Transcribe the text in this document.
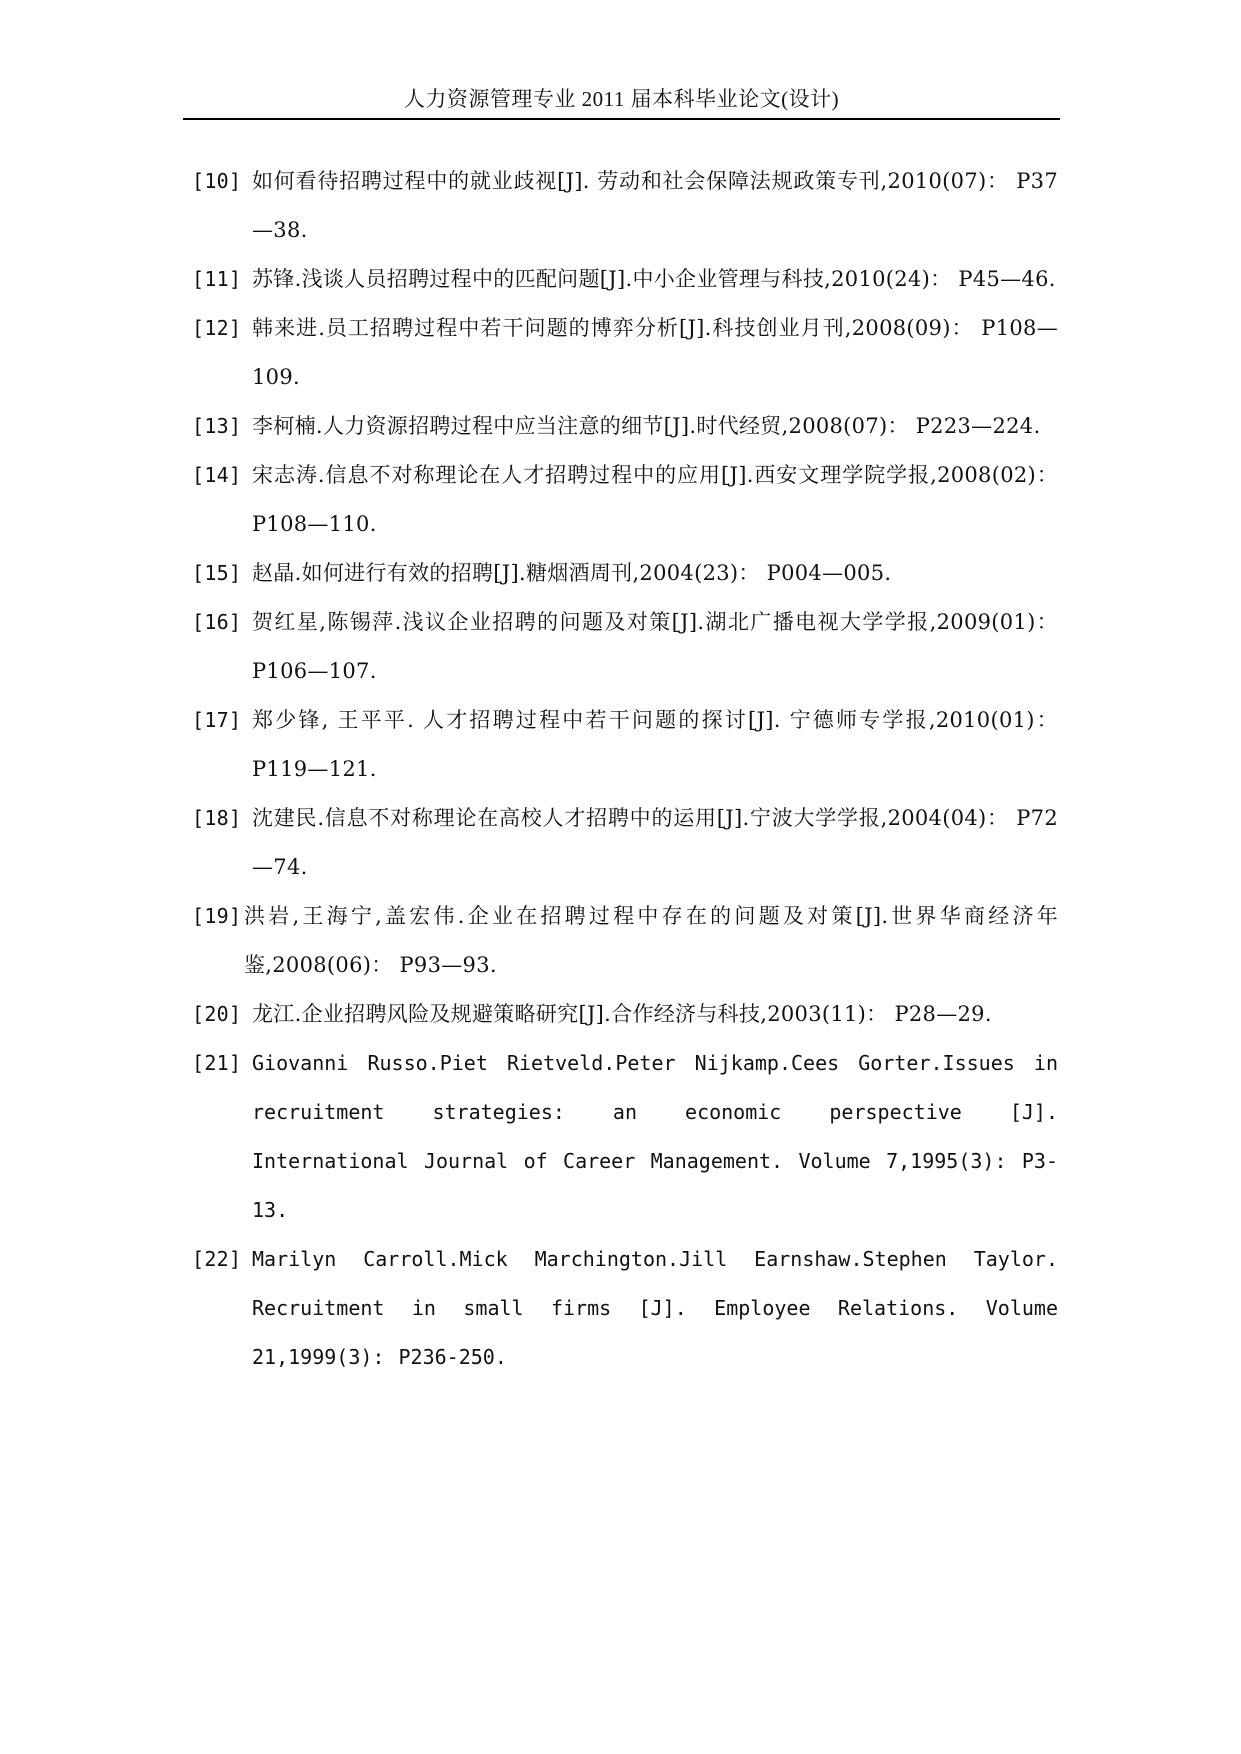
人力资源管理专业 2011 届本科毕业论文(设计)
[10] 如何看待招聘过程中的就业歧视[J]. 劳动和社会保障法规政策专刊,2010(07)： P37—38.
[11] 苏锋.浅谈人员招聘过程中的匹配问题[J].中小企业管理与科技,2010(24)： P45—46.
[12] 韩来进.员工招聘过程中若干问题的博弈分析[J].科技创业月刊,2008(09)： P108—109.
[13] 李柯楠.人力资源招聘过程中应当注意的细节[J].时代经贸,2008(07)： P223—224.
[14] 宋志涛.信息不对称理论在人才招聘过程中的应用[J].西安文理学院学报,2008(02)： P108—110.
[15] 赵晶.如何进行有效的招聘[J].糖烟酒周刊,2004(23)： P004—005.
[16] 贺红星,陈锡萍.浅议企业招聘的问题及对策[J].湖北广播电视大学学报,2009(01)： P106—107.
[17] 郑少锋, 王平平. 人才招聘过程中若干问题的探讨[J]. 宁德师专学报,2010(01)： P119—121.
[18] 沈建民.信息不对称理论在高校人才招聘中的运用[J].宁波大学学报,2004(04)： P72—74.
[19] 洪岩,王海宁,盖宏伟.企业在招聘过程中存在的问题及对策[J].世界华商经济年鉴,2008(06)： P93—93.
[20] 龙江.企业招聘风险及规避策略研究[J].合作经济与科技,2003(11)： P28—29.
[21] Giovanni Russo.Piet Rietveld.Peter Nijkamp.Cees Gorter.Issues in recruitment strategies: an economic perspective [J]. International Journal of Career Management. Volume 7,1995(3): P3-13.
[22] Marilyn Carroll.Mick Marchington.Jill Earnshaw.Stephen Taylor. Recruitment in small firms [J]. Employee Relations. Volume 21,1999(3): P236-250.
